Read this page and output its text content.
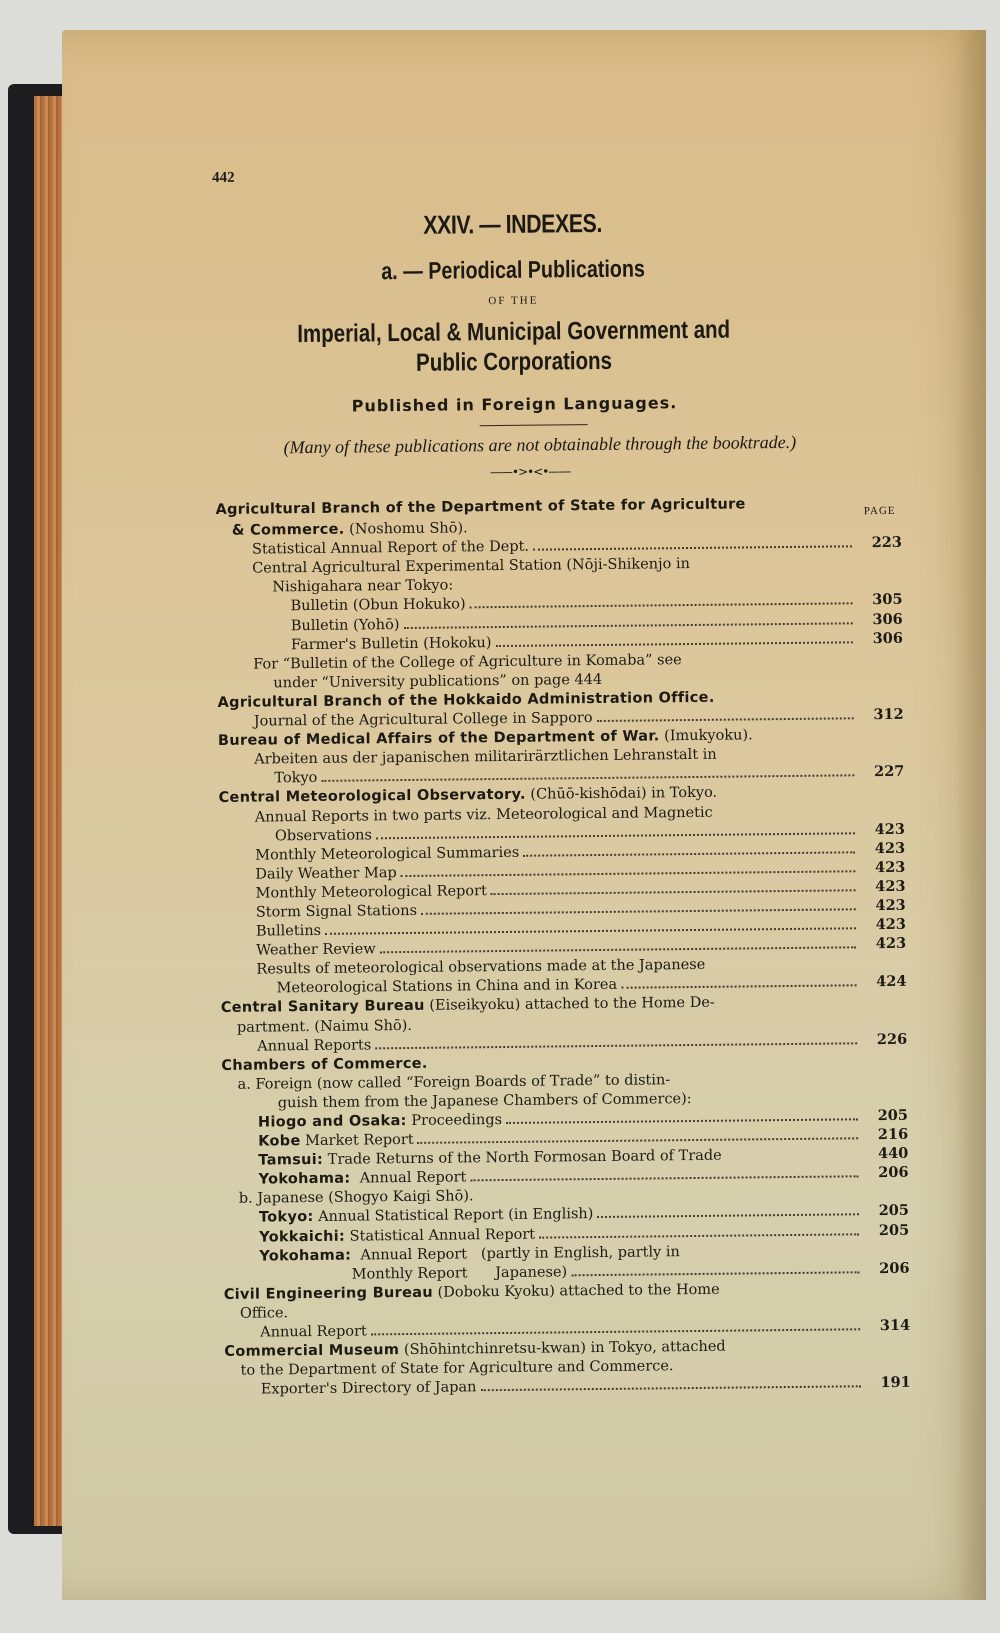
442
XXIV. — INDEXES.
a. — Periodical Publications
OF THE
Imperial, Local & Municipal Government and
Public Corporations
Published in Foreign Languages.
(Many of these publications are not obtainable through the booktrade.)
——•>•<•——
PAGE
Agricultural Branch of the Department of State for Agriculture
& Commerce. (Noshomu Shō).
Statistical Annual Report of the Dept.	223
Central Agricultural Experimental Station (Nōji-Shikenjo in
Nishigahara near Tokyo:
Bulletin (Obun Hokuko)	305
Bulletin (Yohō)	306
Farmer's Bulletin (Hokoku)	306
For “Bulletin of the College of Agriculture in Komaba” see
under “University publications” on page 444
Agricultural Branch of the Hokkaido Administration Office.
Journal of the Agricultural College in Sapporo	312
Bureau of Medical Affairs of the Department of War. (Imukyoku).
Arbeiten aus der japanischen militarirärztlichen Lehranstalt in
Tokyo	227
Central Meteorological Observatory. (Chūō-kishōdai) in Tokyo.
Annual Reports in two parts viz. Meteorological and Magnetic
Observations	423
Monthly Meteorological Summaries	423
Daily Weather Map	423
Monthly Meteorological Report	423
Storm Signal Stations	423
Bulletins	423
Weather Review	423
Results of meteorological observations made at the Japanese
Meteorological Stations in China and in Korea	424
Central Sanitary Bureau (Eiseikyoku) attached to the Home De-
partment. (Naimu Shō).
Annual Reports	226
Chambers of Commerce.
a. Foreign (now called “Foreign Boards of Trade” to distin-
guish them from the Japanese Chambers of Commerce):
Hiogo and Osaka: Proceedings	205
Kobe Market Report	216
Tamsui: Trade Returns of the North Formosan Board of Trade	440
Yokohama:  Annual Report	206
b. Japanese (Shogyo Kaigi Shō).
Tokyo: Annual Statistical Report (in English)	205
Yokkaichi: Statistical Annual Report	205
Yokohama:  Annual Report   (partly in English, partly in
Monthly Report      Japanese)	206
Civil Engineering Bureau (Doboku Kyoku) attached to the Home
Office.
Annual Report	314
Commercial Museum (Shōhintchinretsu-kwan) in Tokyo, attached
to the Department of State for Agriculture and Commerce.
Exporter's Directory of Japan	191
